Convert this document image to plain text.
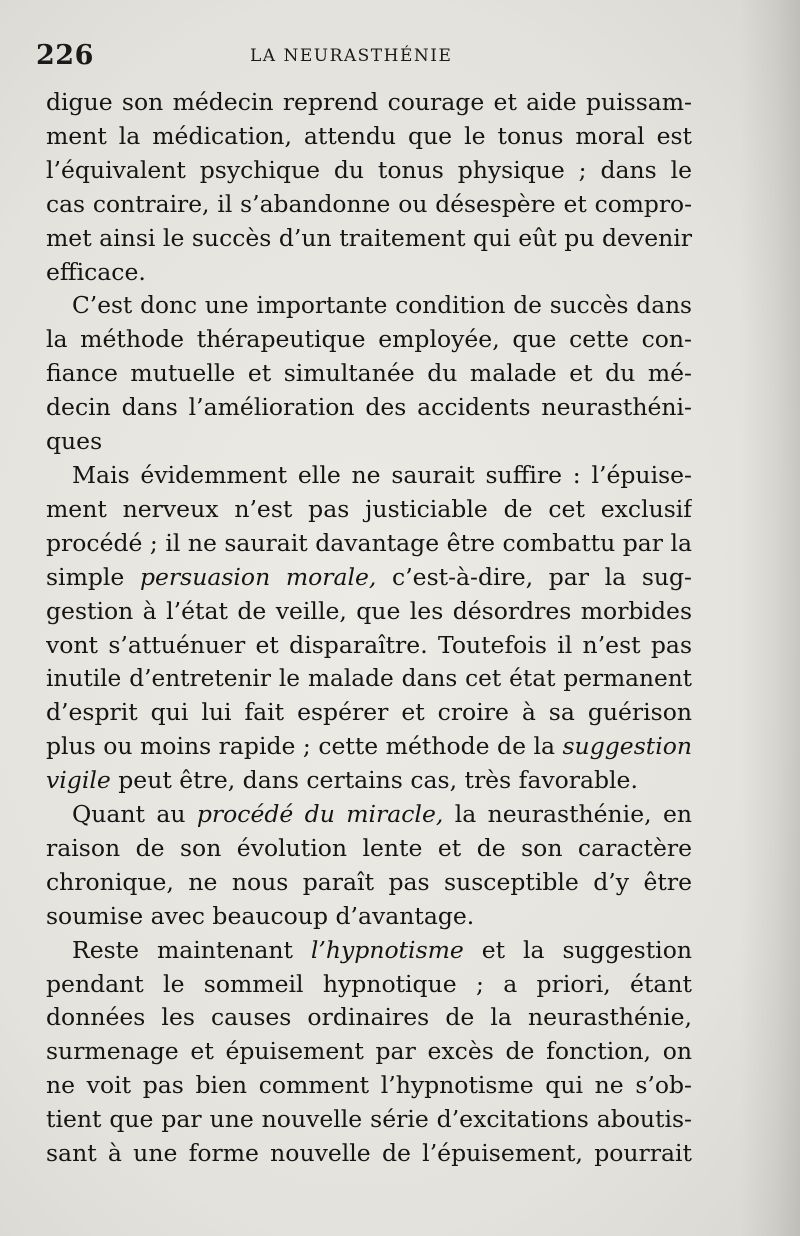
226	LA NEURASTHÉNIE
digue son médecin reprend courage et aide puissam-
ment la médication, attendu que le tonus moral est
l’équivalent psychique du tonus physique ; dans le
cas contraire, il s’abandonne ou désespère et compro-
met ainsi le succès d’un traitement qui eût pu devenir
efficace.
C’est donc une importante condition de succès dans
la méthode thérapeutique employée, que cette con-
fiance mutuelle et simultanée du malade et du mé-
decin dans l’amélioration des accidents neurasthéni-
ques
Mais évidemment elle ne saurait suffire : l’épuise-
ment nerveux n’est pas justiciable de cet exclusif
procédé ; il ne saurait davantage être combattu par la
simple persuasion morale, c’est-à-dire, par la sug-
gestion à l’état de veille, que les désordres morbides
vont s’attuénuer et disparaître. Toutefois il n’est pas
inutile d’entretenir le malade dans cet état permanent
d’esprit qui lui fait espérer et croire à sa guérison
plus ou moins rapide ; cette méthode de la suggestion
vigile peut être, dans certains cas, très favorable.
Quant au procédé du miracle, la neurasthénie, en
raison de son évolution lente et de son caractère
chronique, ne nous paraît pas susceptible d’y être
soumise avec beaucoup d’avantage.
Reste maintenant l’hypnotisme et la suggestion
pendant le sommeil hypnotique ; a priori, étant
données les causes ordinaires de la neurasthénie,
surmenage et épuisement par excès de fonction, on
ne voit pas bien comment l’hypnotisme qui ne s’ob-
tient que par une nouvelle série d’excitations aboutis-
sant à une forme nouvelle de l’épuisement, pourrait
